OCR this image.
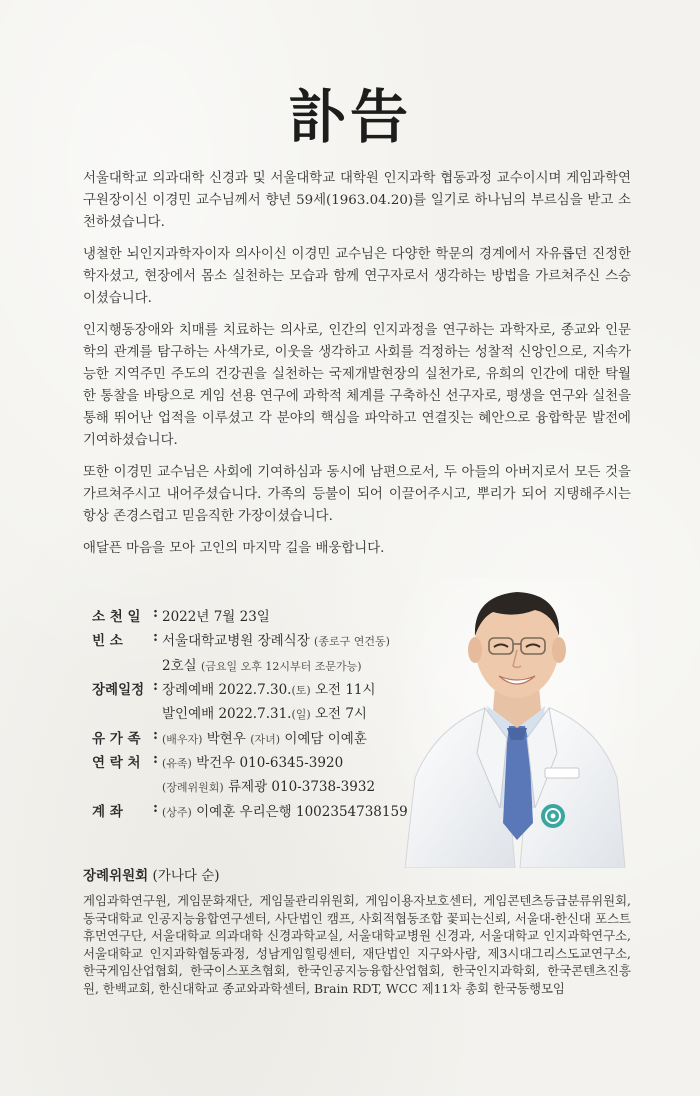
訃告

서울대학교 의과대학 신경과 및 서울대학교 대학원 인지과학 협동과정 교수이시며 게임과학연구원장이신 이경민 교수님께서 향년 59세(1963.04.20)를 일기로 하나님의 부르심을 받고 소천하셨습니다.

냉철한 뇌인지과학자이자 의사이신 이경민 교수님은 다양한 학문의 경계에서 자유롭던 진정한 학자셨고, 현장에서 몸소 실천하는 모습과 함께 연구자로서 생각하는 방법을 가르쳐주신 스승이셨습니다.

인지행동장애와 치매를 치료하는 의사로, 인간의 인지과정을 연구하는 과학자로, 종교와 인문학의 관계를 탐구하는 사색가로, 이웃을 생각하고 사회를 걱정하는 성찰적 신앙인으로, 지속가능한 지역주민 주도의 건강권을 실천하는 국제개발현장의 실천가로, 유희의 인간에 대한 탁월한 통찰을 바탕으로 게임 선용 연구에 과학적 체계를 구축하신 선구자로, 평생을 연구와 실천을 통해 뛰어난 업적을 이루셨고 각 분야의 핵심을 파악하고 연결짓는 혜안으로 융합학문 발전에 기여하셨습니다.

또한 이경민 교수님은 사회에 기여하심과 동시에 남편으로서, 두 아들의 아버지로서 모든 것을 가르쳐주시고 내어주셨습니다. 가족의 등불이 되어 이끌어주시고, 뿌리가 되어 지탱해주시는 항상 존경스럽고 믿음직한 가장이셨습니다.

애달픈 마음을 모아 고인의 마지막 길을 배웅합니다.

소 천 일 : 2022년 7월 23일
빈 소 : 서울대학교병원 장례식장 (종로구 연건동)
2호실 (금요일 오후 12시부터 조문가능)
장례일정 : 장례예배 2022.7.30.(토) 오전 11시
발인예배 2022.7.31.(일) 오전 7시
유 가 족 : (배우자) 박현우 (자녀) 이예담 이예훈
연 락 처 : (유족) 박건우 010-6345-3920
(장례위원회) 류제광 010-3738-3932
계 좌 : (상주) 이예훈 우리은행 1002354738159
장례위원회 (가나다 순)
게임과학연구원, 게임문화재단, 게임물관리위원회, 게임이용자보호센터, 게임콘텐츠등급분류위원회, 동국대학교 인공지능융합연구센터, 사단법인 캠프, 사회적협동조합 꽃피는신뢰, 서울대-한신대 포스트휴먼연구단, 서울대학교 의과대학 신경과학교실, 서울대학교병원 신경과, 서울대학교 인지과학연구소, 서울대학교 인지과학협동과정, 성남게임힐링센터, 재단법인 지구와사람, 제3시대그리스도교연구소, 한국게임산업협회, 한국이스포츠협회, 한국인공지능융합산업협회, 한국인지과학회, 한국콘텐츠진흥원, 한백교회, 한신대학교 종교와과학센터, Brain RDT, WCC 제11차 총회 한국동행모임
